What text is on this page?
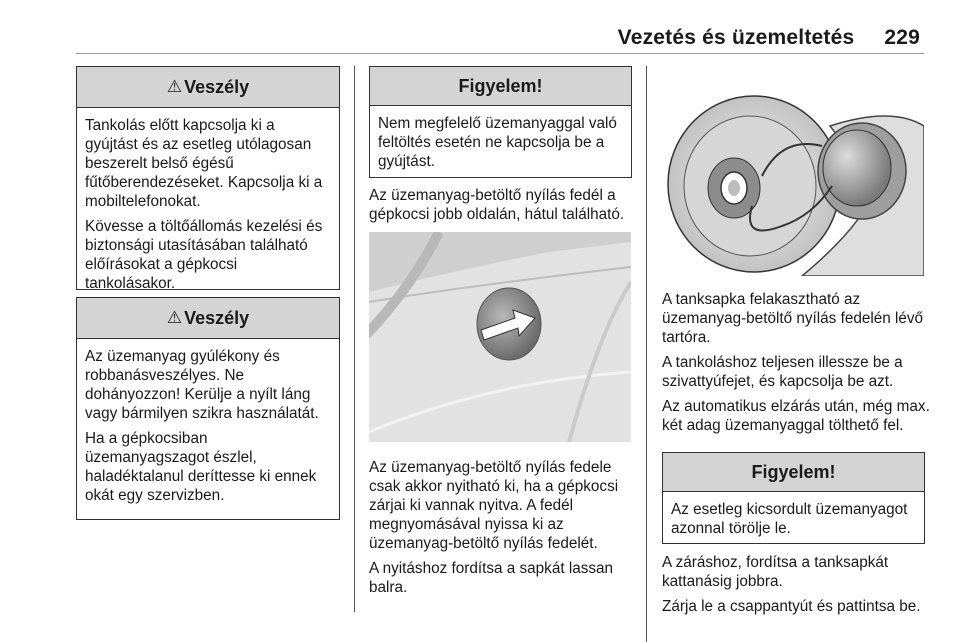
Vezetés és üzemeltetés 229
⚠ Veszély

Tankolás előtt kapcsolja ki a gyújtást és az esetleg utólagosan beszerelt belső égésű fűtőberendezéseket. Kapcsolja ki a mobiltelefonokat.

Kövesse a töltőállomás kezelési és biztonsági utasításában található előírásokat a gépkocsi tankolásakor.

⚠ Veszély

Az üzemanyag gyúlékony és robbanásveszélyes. Ne dohányozzon! Kerülje a nyílt láng vagy bármilyen szikra használatát.

Ha a gépkocsiban üzemanyagszagot észlel, haladéktalanul deríttesse ki ennek okát egy szervizben.

Figyelem!

Nem megfelelő üzemanyaggal való feltöltés esetén ne kapcsolja be a gyújtást.

Az üzemanyag-betöltő nyílás fedél a gépkocsi jobb oldalán, hátul található.

Az üzemanyag-betöltő nyílás fedele csak akkor nyitható ki, ha a gépkocsi zárjai ki vannak nyitva. A fedél megnyomásával nyissa ki az üzemanyag-betöltő nyílás fedelét.

A nyitáshoz fordítsa a sapkát lassan balra.

A tanksapka felakasztható az üzemanyag-betöltő nyílás fedelén lévő tartóra.

A tankoláshoz teljesen illessze be a szivattyúfejet, és kapcsolja be azt.

Az automatikus elzárás után, még max. két adag üzemanyaggal tölthető fel.

Figyelem!

Az esetleg kicsordult üzemanyagot azonnal törölje le.

A záráshoz, fordítsa a tanksapkát kattanásig jobbra.

Zárja le a csappantyút és pattintsa be.
